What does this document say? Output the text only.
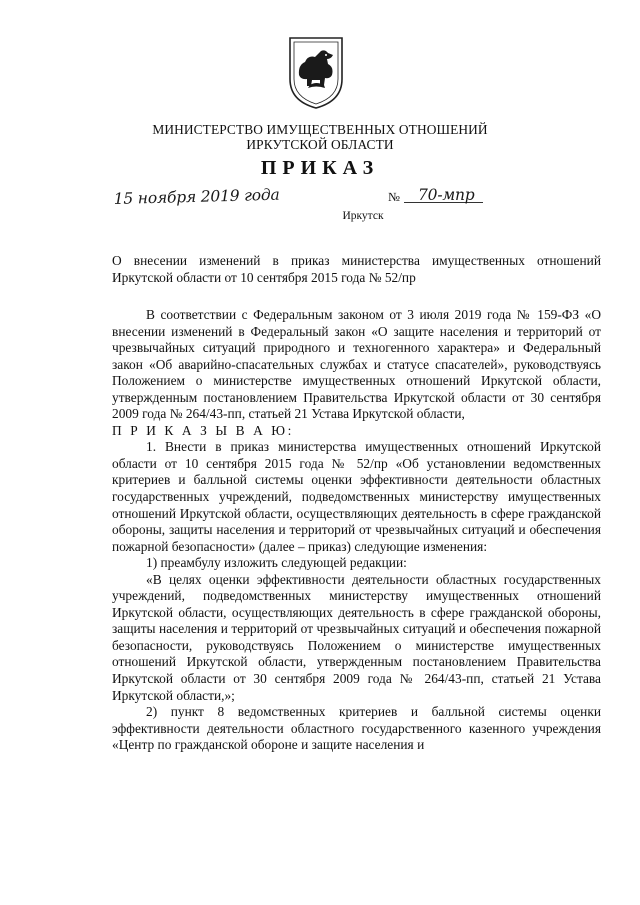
МИНИСТЕРСТВО ИМУЩЕСТВЕННЫХ ОТНОШЕНИЙ
ИРКУТСКОЙ ОБЛАСТИ
ПРИКАЗ
15 ноября 2019 года	№ 70-мпр
Иркутск
О внесении изменений в приказ министерства имущественных отношений Иркутской области от 10 сентября 2015 года № 52/пр

В соответствии с Федеральным законом от 3 июля 2019 года № 159-ФЗ «О внесении изменений в Федеральный закон «О защите населения и территорий от чрезвычайных ситуаций природного и техногенного характера» и Федеральный закон «Об аварийно-спасательных службах и статусе спасателей», руководствуясь Положением о министерстве имущественных отношений Иркутской области, утвержденным постановлением Правительства Иркутской области от 30 сентября 2009 года № 264/43-пп, статьей 21 Устава Иркутской области,

П Р И К А З Ы В А Ю:

1. Внести в приказ министерства имущественных отношений Иркутской области от 10 сентября 2015 года № 52/пр «Об установлении ведомственных критериев и балльной системы оценки эффективности деятельности областных государственных учреждений, подведомственных министерству имущественных отношений Иркутской области, осуществляющих деятельность в сфере гражданской обороны, защиты населения и территорий от чрезвычайных ситуаций и обеспечения пожарной безопасности» (далее – приказ) следующие изменения:

1) преамбулу изложить следующей редакции:

«В целях оценки эффективности деятельности областных государственных учреждений, подведомственных министерству имущественных отношений Иркутской области, осуществляющих деятельность в сфере гражданской обороны, защиты населения и территорий от чрезвычайных ситуаций и обеспечения пожарной безопасности, руководствуясь Положением о министерстве имущественных отношений Иркутской области, утвержденным постановлением Правительства Иркутской области от 30 сентября 2009 года № 264/43-пп, статьей 21 Устава Иркутской области,»;

2) пункт 8 ведомственных критериев и балльной системы оценки эффективности деятельности областного государственного казенного учреждения «Центр по гражданской обороне и защите населения и
